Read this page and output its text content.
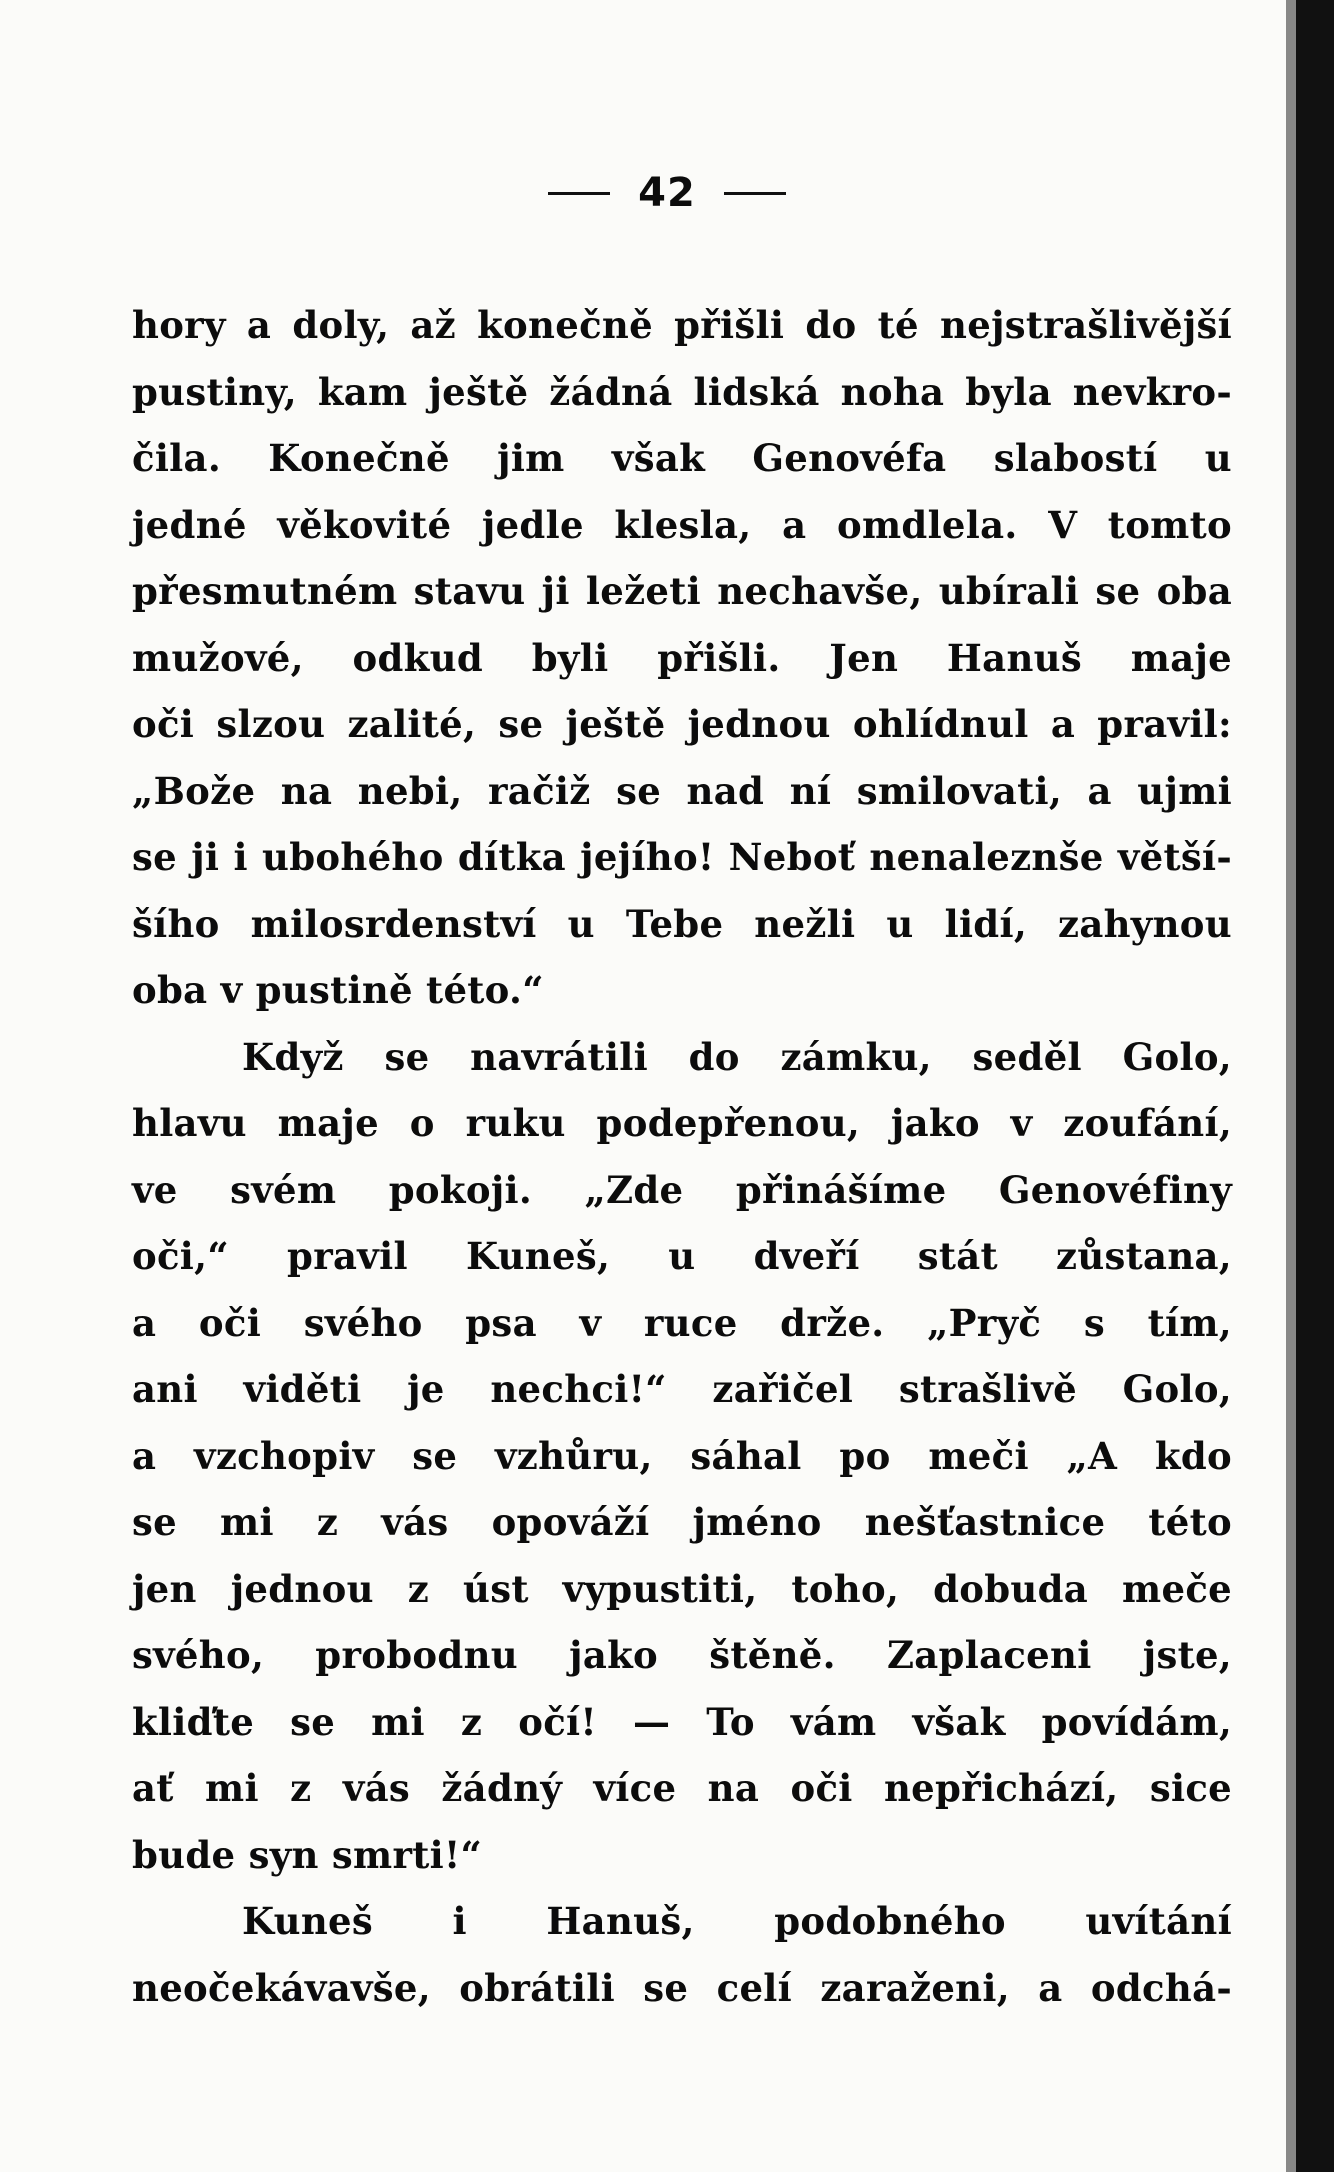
42
hory a doly, až konečně přišli do té nejstrašlivější
pustiny, kam ještě žádná lidská noha byla nevkro-
čila. Konečně jim však Genovéfa slabostí u
jedné věkovité jedle klesla, a omdlela. V tomto
přesmutném stavu ji ležeti nechavše, ubírali se oba
mužové, odkud byli přišli. Jen Hanuš maje
oči slzou zalité, se ještě jednou ohlídnul a pravil:
„Bože na nebi, račiž se nad ní smilovati, a ujmi
se ji i ubohého dítka jejího! Neboť nenaleznše větší-
šího milosrdenství u Tebe nežli u lidí, zahynou
oba v pustině této.“
Když se navrátili do zámku, seděl Golo,
hlavu maje o ruku podepřenou, jako v zoufání,
ve svém pokoji. „Zde přinášíme Genovéfiny
oči,“ pravil Kuneš, u dveří stát zůstana,
a oči svého psa v ruce drže. „Pryč s tím,
ani viděti je nechci!“ zařičel strašlivě Golo,
a vzchopiv se vzhůru, sáhal po meči „A kdo
se mi z vás opováží jméno nešťastnice této
jen jednou z úst vypustiti, toho, dobuda meče
svého, probodnu jako štěně. Zaplaceni jste,
kliďte se mi z očí! — To vám však povídám,
ať mi z vás žádný více na oči nepřichází, sice
bude syn smrti!“
Kuneš i Hanuš, podobného uvítání
neočekávavše, obrátili se celí zaraženi, a odchá-
